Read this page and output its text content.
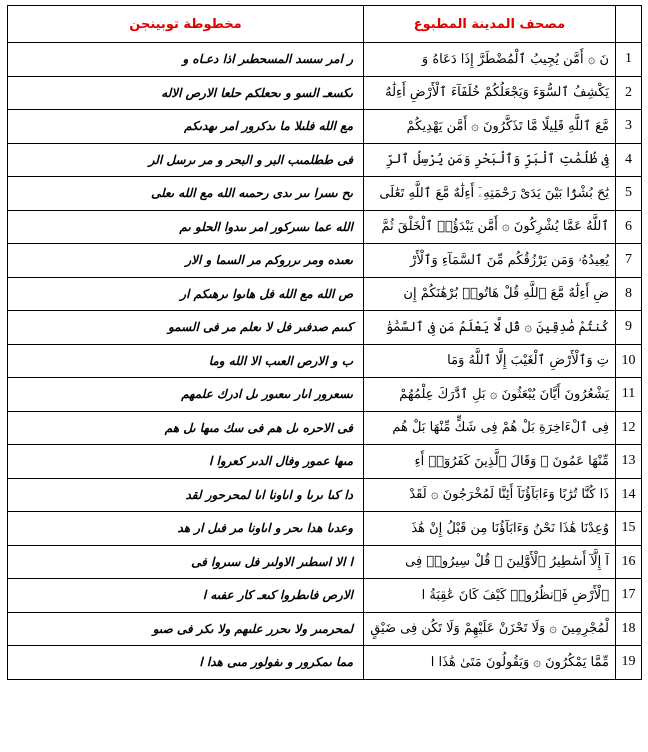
مخطوطة توبينجن	مصحف المدينة المطبوع	
ر امر سسد المسحطىر اذا دعـاه و	نَ ۞ أَمَّن يُجِيبُ ٱلْمُضْطَرَّ إِذَا دَعَاهُ وَ	1
ىكسعـ السو و ىحعلكم حلعا الارص الاله	يَكْشِفُ ٱلسُّوٓءَ وَيَجْعَلُكُمْ خُلَفَآءَ ٱلْأَرْضِ أَءِلَٰهٌ	2
مع الله فلىلا ما ىدكرور امر ىهدىكم	مَّعَ ٱللَّهِ قَلِيلًا مَّا تَذَكَّرُونَ ۞ أَمَّن يَهْدِيكُمْ	3
فى ططلمىب البر و البحر و مر ىرسل الر	فِى ظُلُمَٰتِ ٱلْبَرِّ وَٱلْبَحْرِ وَمَن يُرْسِلُ ٱلرِّ	4
ىح ىسرا ىىر ىدى رحمىه الله مع الله ىعلى	يَٰحَ بُشْرًۢا بَيْنَ يَدَىْ رَحْمَتِهِۦٓ أَءِلَٰهٌ مَّعَ ٱللَّهِ تَعَٰلَى	5
الله عما ىسركور امر ىىدوا الحلو ىم	ٱللَّهُ عَمَّا يُشْرِكُونَ ۞ أَمَّن يَبْدَؤُا۟ ٱلْخَلْقَ ثُمَّ	6
ىعىده ومر ىرروكم مر السما و الار	يُعِيدُهُۥ وَمَن يَرْزُقُكُم مِّنَ ٱلسَّمَآءِ وَٱلْأَرْ	7
ص الله مع الله فل هاىوا ىرهىكم ار	ضِ أَءِلَٰهٌ مَّعَ ٱللَّهِ قُلْ هَاتُوا۟ بُرْهَٰنَكُمْ إِن	8
كىىم صدفىر فل لا ىعلم مر فى السمو	كُنتُمْ صَٰدِقِينَ ۞ قُل لَّا يَعْلَمُ مَن فِى ٱلسَّمَٰوَٰ	9
ب و الارص العىب الا الله وما	تِ وَٱلْأَرْضِ ٱلْغَيْبَ إِلَّا ٱللَّهُ وَمَا	10
ىسعرور اىار ىىعىور ىل ادرك علمهم	يَشْعُرُونَ أَيَّانَ يُبْعَثُونَ ۞ بَلِ ٱدَّٰرَكَ عِلْمُهُمْ	11
فى الاحره ىل هم فى سك مىها ىل هم	فِى ٱلْءَاخِرَةِ بَلْ هُمْ فِى شَكٍّ مِّنْهَا بَلْ هُم	12
مىها عمور وفال الدىر كعروا ا	مِّنْهَا عَمُونَ ۞ وَقَالَ ٱلَّذِينَ كَفَرُوٓا۟ أَءِ	13
دا كىا ىرىا و اىاونا اىا لمحرحور لقد	ذَا كُنَّا تُرَٰبًا وَءَابَآؤُنَآ أَئِنَّا لَمُخْرَجُونَ ۞ لَقَدْ	14
وعدىا هدا ىحر و اىاونا مر فىل ار هد	وُعِدْنَا هَٰذَا نَحْنُ وَءَابَآؤُنَا مِن قَبْلُ إِنْ هَٰذَ	15
ا الا اسطىر الاولىر فل سىروا فى	آ إِلَّآ أَسَٰطِيرُ ٱلْأَوَّلِينَ ۞ قُلْ سِيرُوا۟ فِى	16
الارص فاىطروا كىعـ كار عفىه ا	ٱلْأَرْضِ فَٱنظُرُوا۟ كَيْفَ كَانَ عَٰقِبَةُ ا	17
لمحرمىر ولا ىحرر علىهم ولا ىكر فى صىو	لْمُجْرِمِينَ ۞ وَلَا تَحْزَنْ عَلَيْهِمْ وَلَا تَكُن فِى ضَيْقٍ	18
مما ىمكرور و ىفولور مىى هدا ا	مِّمَّا يَمْكُرُونَ ۞ وَيَقُولُونَ مَتَىٰ هَٰذَا ا	19
